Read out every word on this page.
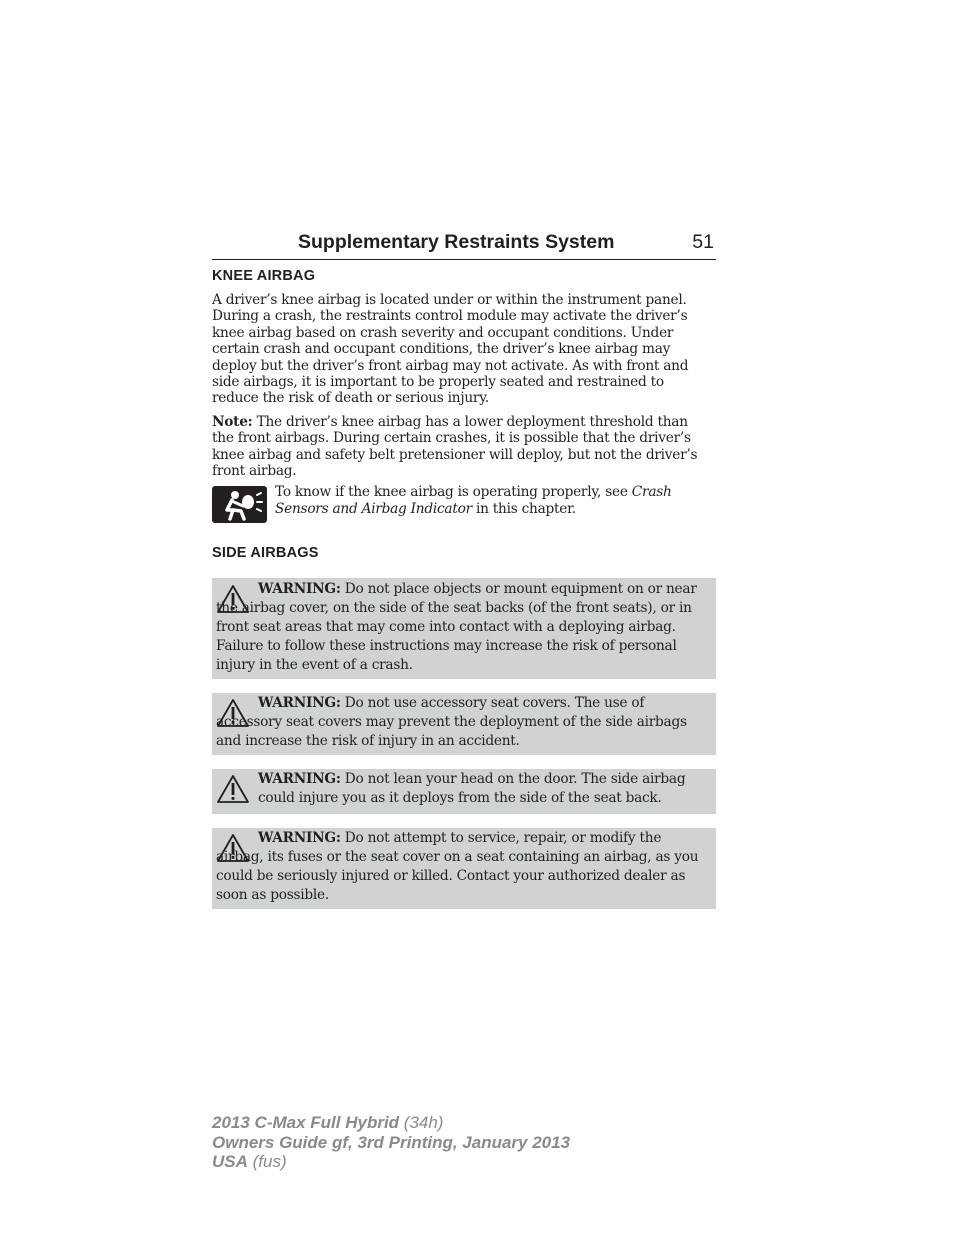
Supplementary Restraints System	51
KNEE AIRBAG

A driver’s knee airbag is located under or within the instrument panel. During a crash, the restraints control module may activate the driver’s knee airbag based on crash severity and occupant conditions. Under certain crash and occupant conditions, the driver’s knee airbag may deploy but the driver’s front airbag may not activate. As with front and side airbags, it is important to be properly seated and restrained to reduce the risk of death or serious injury.

Note: The driver’s knee airbag has a lower deployment threshold than the front airbags. During certain crashes, it is possible that the driver’s knee airbag and safety belt pretensioner will deploy, but not the driver’s front airbag.

To know if the knee airbag is operating properly, see Crash Sensors and Airbag Indicator in this chapter.

SIDE AIRBAGS

WARNING: Do not place objects or mount equipment on or near the airbag cover, on the side of the seat backs (of the front seats), or in front seat areas that may come into contact with a deploying airbag. Failure to follow these instructions may increase the risk of personal injury in the event of a crash.

WARNING: Do not use accessory seat covers. The use of accessory seat covers may prevent the deployment of the side airbags and increase the risk of injury in an accident.

WARNING: Do not lean your head on the door. The side airbag could injure you as it deploys from the side of the seat back.

WARNING: Do not attempt to service, repair, or modify the airbag, its fuses or the seat cover on a seat containing an airbag, as you could be seriously injured or killed. Contact your authorized dealer as soon as possible.

2013 C-Max Full Hybrid (34h)
Owners Guide gf, 3rd Printing, January 2013
USA (fus)
